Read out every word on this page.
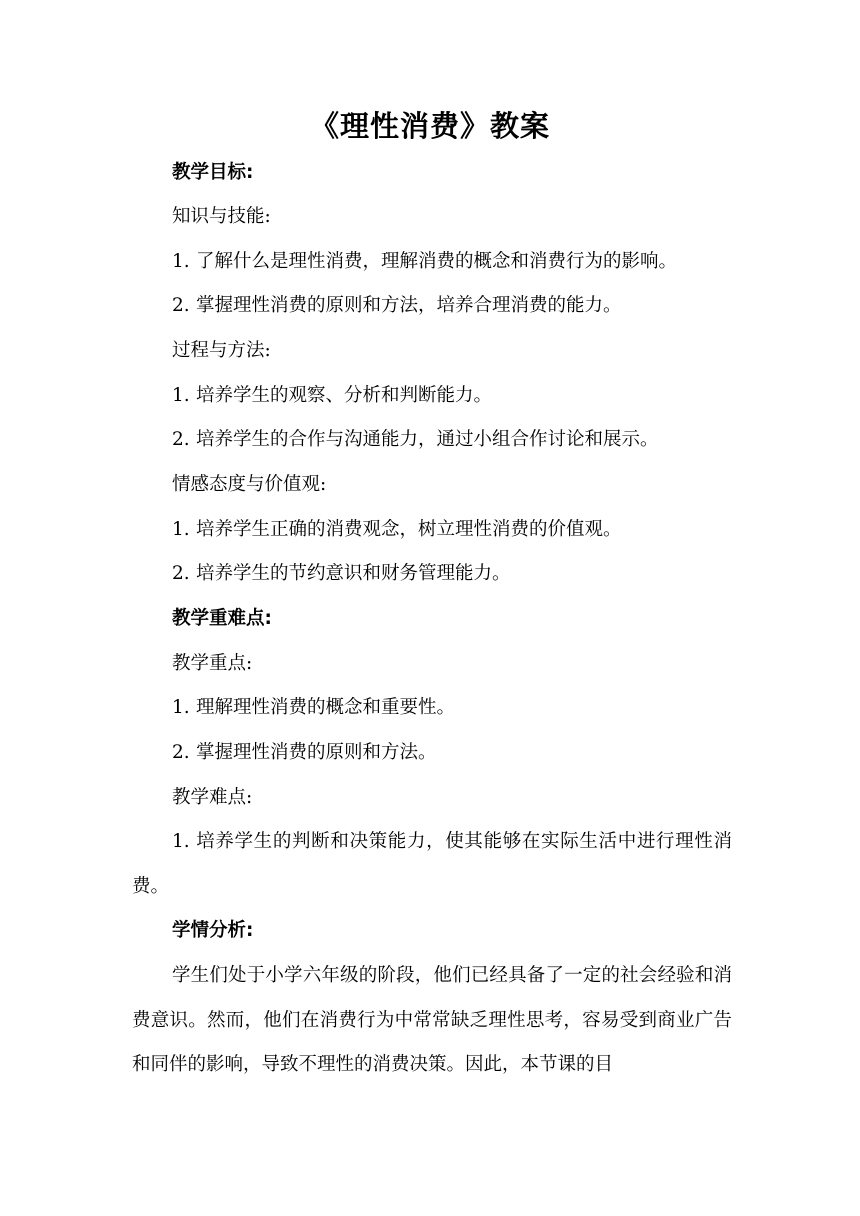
《理性消费》教案
教学目标:
知识与技能:
1. 了解什么是理性消费，理解消费的概念和消费行为的影响。
2. 掌握理性消费的原则和方法，培养合理消费的能力。
过程与方法:
1. 培养学生的观察、分析和判断能力。
2. 培养学生的合作与沟通能力，通过小组合作讨论和展示。
情感态度与价值观:
1. 培养学生正确的消费观念，树立理性消费的价值观。
2. 培养学生的节约意识和财务管理能力。
教学重难点:
教学重点:
1. 理解理性消费的概念和重要性。
2. 掌握理性消费的原则和方法。
教学难点:

1. 培养学生的判断和决策能力，使其能够在实际生活中进行理性消费。

学情分析:

学生们处于小学六年级的阶段，他们已经具备了一定的社会经验和消费意识。然而，他们在消费行为中常常缺乏理性思考，容易受到商业广告和同伴的影响，导致不理性的消费决策。因此，本节课的目
